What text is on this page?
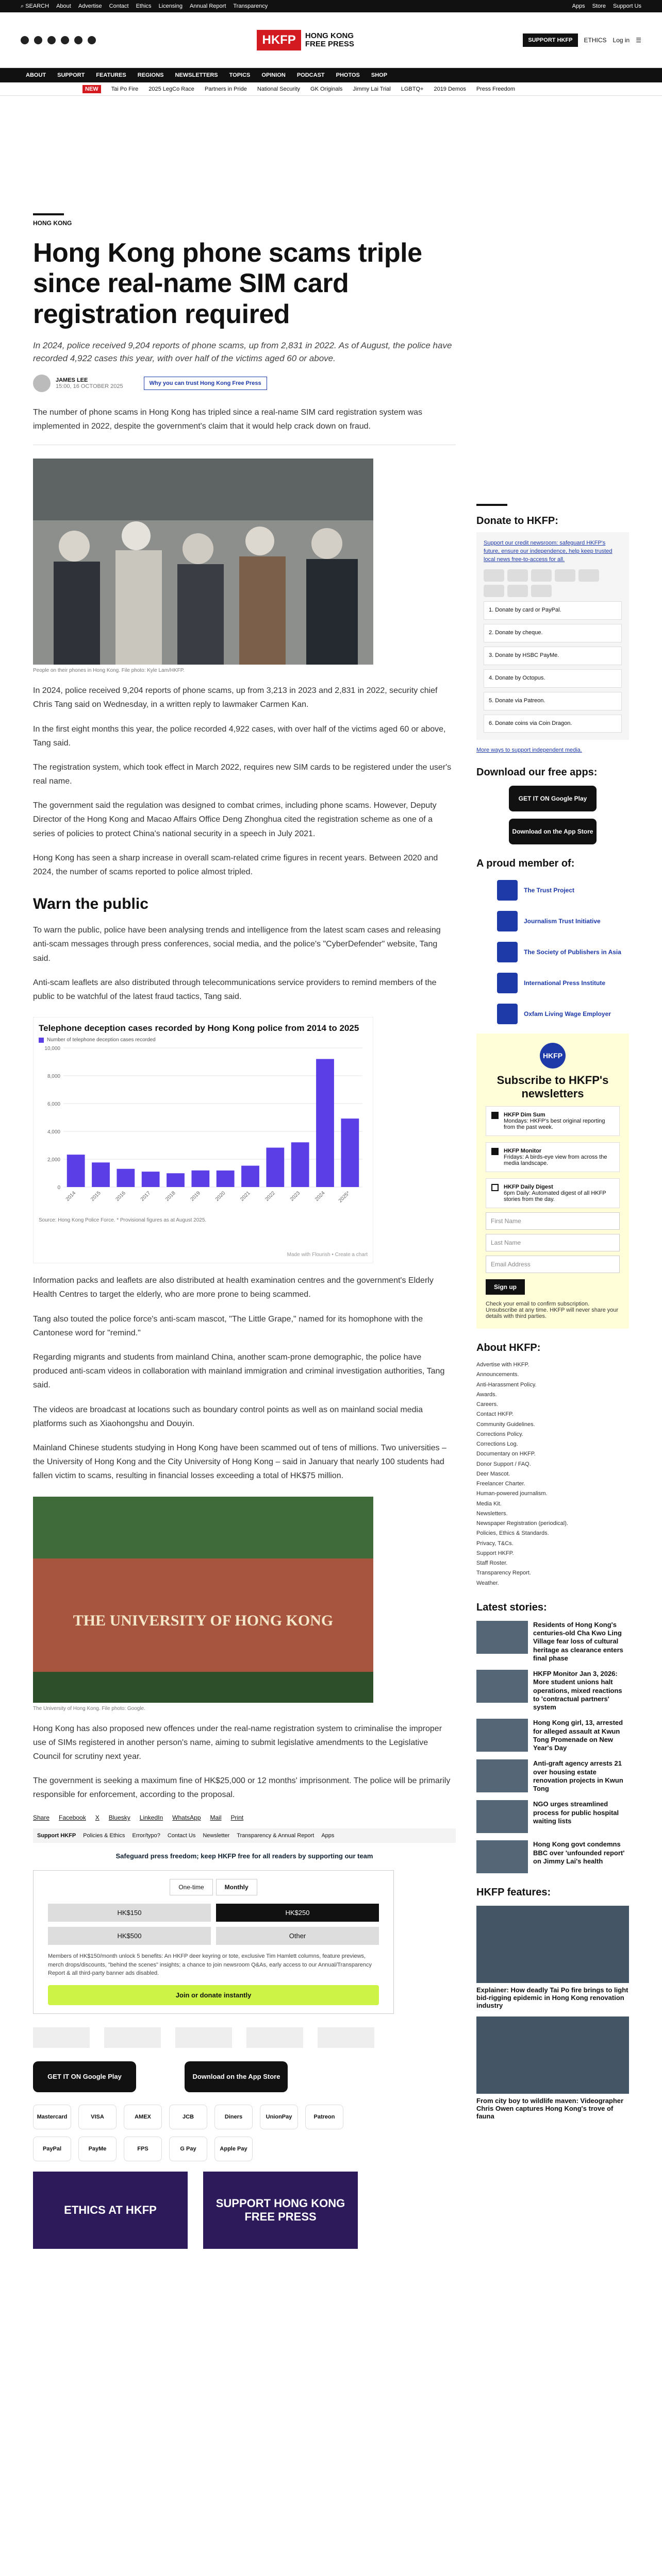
⌕ SEARCH About Advertise Contact Ethics Licensing Annual Report Transparency	Apps Store Support Us
HKFP	HONG KONG FREE PRESS	SUPPORT HKFP	ETHICS Log in ☰
ABOUT SUPPORT FEATURES REGIONS NEWSLETTERS TOPICS OPINION PODCAST PHOTOS SHOP
NEW	Tai Po Fire 2025 LegCo Race Partners in Pride National Security GK Originals Jimmy Lai Trial LGBTQ+ 2019 Demos Press Freedom
HONG KONG
Hong Kong phone scams triple since real-name SIM card registration required

In 2024, police received 9,204 reports of phone scams, up from 2,831 in 2022. As of August, the police have recorded 4,922 cases this year, with over half of the victims aged 60 or above.

JAMES LEE
15:00, 16 OCTOBER 2025	Why you can trust Hong Kong Free Press

The number of phone scams in Hong Kong has tripled since a real-name SIM card registration system was implemented in 2022, despite the government's claim that it would help crack down on fraud.

People on their phones in Hong Kong. File photo: Kyle Lam/HKFP.

In 2024, police received 9,204 reports of phone scams, up from 3,213 in 2023 and 2,831 in 2022, security chief Chris Tang said on Wednesday, in a written reply to lawmaker Carmen Kan.

In the first eight months this year, the police recorded 4,922 cases, with over half of the victims aged 60 or above, Tang said.

The registration system, which took effect in March 2022, requires new SIM cards to be registered under the user's real name.

The government said the regulation was designed to combat crimes, including phone scams. However, Deputy Director of the Hong Kong and Macao Affairs Office Deng Zhonghua cited the registration scheme as one of a series of policies to protect China's national security in a speech in July 2021.

Hong Kong has seen a sharp increase in overall scam-related crime figures in recent years. Between 2020 and 2024, the number of scams reported to police almost tripled.

Warn the public

To warn the public, police have been analysing trends and intelligence from the latest scam cases and releasing anti-scam messages through press conferences, social media, and the police's "CyberDefender" website, Tang said.

Anti-scam leaflets are also distributed through telecommunications service providers to remind members of the public to be watchful of the latest fraud tactics, Tang said.

Telephone deception cases recorded by Hong Kong police from 2014 to 2025
Number of telephone deception cases recorded
0
2,000
4,000
6,000
8,000
10,000
2014 2015 2016 2017 2018 2019 2020 2021 2022 2023 2024 2025*
Source: Hong Kong Police Force. * Provisional figures as at August 2025.
Made with Flourish • Create a chart

Information packs and leaflets are also distributed at health examination centres and the government's Elderly Health Centres to target the elderly, who are more prone to being scammed.

Tang also touted the police force's anti-scam mascot, "The Little Grape," named for its homophone with the Cantonese word for "remind."

Regarding migrants and students from mainland China, another scam-prone demographic, the police have produced anti-scam videos in collaboration with mainland immigration and criminal investigation authorities, Tang said.

The videos are broadcast at locations such as boundary control points as well as on mainland social media platforms such as Xiaohongshu and Douyin.

Mainland Chinese students studying in Hong Kong have been scammed out of tens of millions. Two universities – the University of Hong Kong and the City University of Hong Kong – said in January that nearly 100 students had fallen victim to scams, resulting in financial losses exceeding a total of HK$75 million.

THE UNIVERSITY OF HONG KONG
The University of Hong Kong. File photo: Google.

Hong Kong has also proposed new offences under the real-name registration system to criminalise the improper use of SIMs registered in another person's name, aiming to submit legislative amendments to the Legislative Council for scrutiny next year.

The government is seeking a maximum fine of HK$25,000 or 12 months' imprisonment. The police will be primarily responsible for enforcement, according to the proposal.

Share Facebook X Bluesky LinkedIn WhatsApp Mail Print
Support HKFP Policies & Ethics Error/typo? Contact Us Newsletter Transparency & Annual Report Apps
Safeguard press freedom; keep HKFP free for all readers by supporting our team
One-time	Monthly
HK$150	HK$250
HK$500	Other
Members of HK$150/month unlock 5 benefits: An HKFP deer keyring or tote, exclusive Tim Hamlett columns, feature previews, merch drops/discounts, "behind the scenes" insights; a chance to join newsroom Q&As, early access to our Annual/Transparency Report & all third-party banner ads disabled.
Join or donate instantly
GET IT ON Google Play	Download on the App Store
Mastercard	VISA	AMEX	JCB	Diners	UnionPay	Patreon
PayPal	PayMe	FPS	G Pay	Apple Pay
ETHICS AT HKFP
SUPPORT HONG KONG FREE PRESS
Donate to HKFP:
Support our credit newsroom: safeguard HKFP's future, ensure our independence, help keep trusted local news free-to-access for all.
1. Donate by card or PayPal.
2. Donate by cheque.
3. Donate by HSBC PayMe.
4. Donate by Octopus.
5. Donate via Patreon.
6. Donate coins via Coin Dragon.
More ways to support independent media.
Download our free apps:
GET IT ON Google Play
Download on the App Store
A proud member of:
The Trust Project
Journalism Trust Initiative
The Society of Publishers in Asia
International Press Institute
Oxfam Living Wage Employer
HKFP
Subscribe to HKFP's newsletters
HKFP Dim Sum
Mondays: HKFP's best original reporting from the past week.
HKFP Monitor
Fridays: A birds-eye view from across the media landscape.
HKFP Daily Digest
6pm Daily: Automated digest of all HKFP stories from the day.
First Name
Last Name
Email Address
Sign up
Check your email to confirm subscription. Unsubscribe at any time. HKFP will never share your details with third parties.
About HKFP:
Advertise with HKFP.
Announcements.
Anti-Harassment Policy.
Awards.
Careers.
Contact HKFP.
Community Guidelines.
Corrections Policy.
Corrections Log.
Documentary on HKFP.
Donor Support / FAQ.
Deer Mascot.
Freelancer Charter.
Human-powered journalism.
Media Kit.
Newsletters.
Newspaper Registration (periodical).
Policies, Ethics & Standards.
Privacy, T&Cs.
Support HKFP.
Staff Roster.
Transparency Report.
Weather.
Latest stories:
Residents of Hong Kong's centuries-old Cha Kwo Ling Village fear loss of cultural heritage as clearance enters final phase
HKFP Monitor Jan 3, 2026: More student unions halt operations, mixed reactions to 'contractual partners' system
Hong Kong girl, 13, arrested for alleged assault at Kwun Tong Promenade on New Year's Day
Anti-graft agency arrests 21 over housing estate renovation projects in Kwun Tong
NGO urges streamlined process for public hospital waiting lists
Hong Kong govt condemns BBC over 'unfounded report' on Jimmy Lai's health
HKFP features:
Explainer: How deadly Tai Po fire brings to light bid-rigging epidemic in Hong Kong renovation industry
From city boy to wildlife maven: Videographer Chris Owen captures Hong Kong's trove of fauna
